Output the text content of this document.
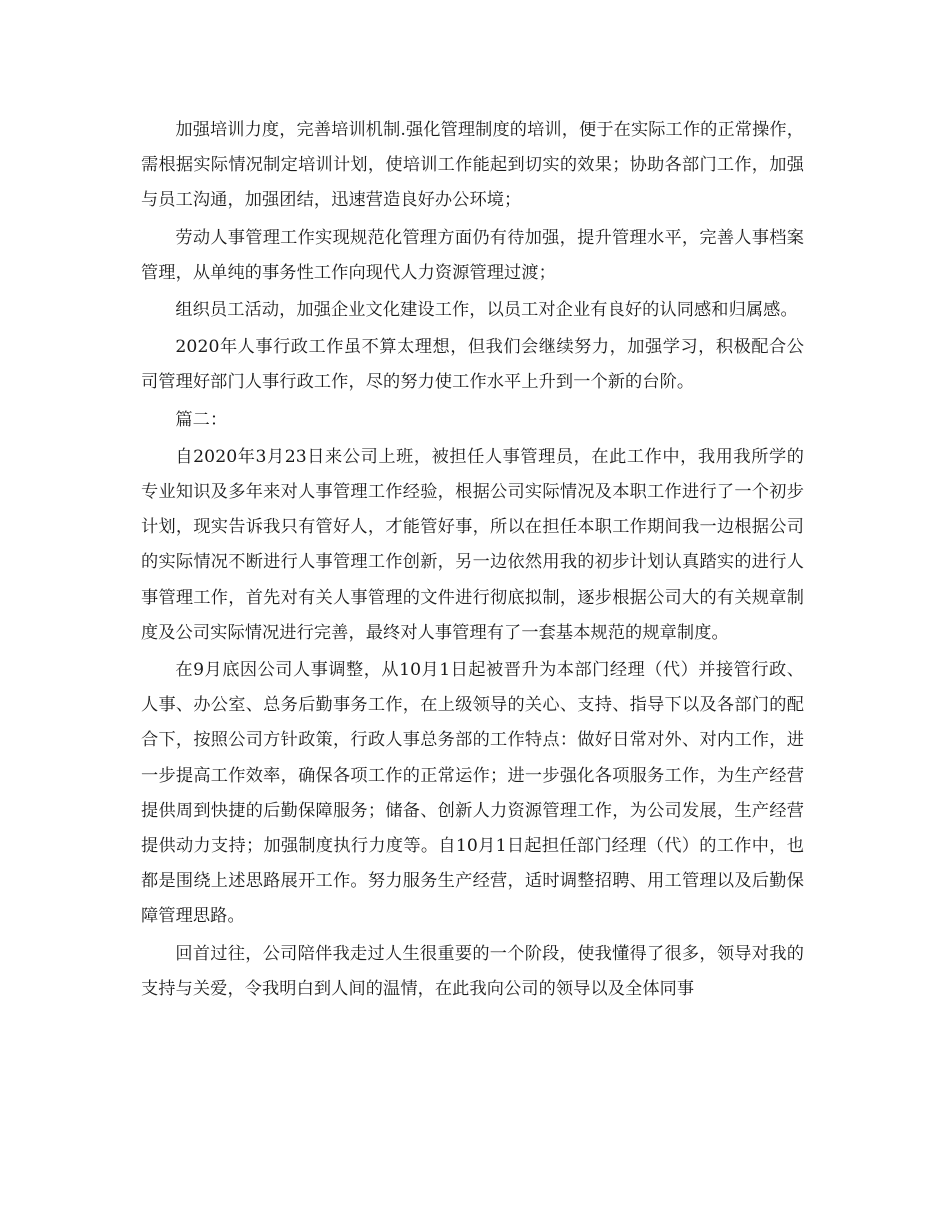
加强培训力度，完善培训机制.强化管理制度的培训，便于在实际工作的正常操作，需根据实际情况制定培训计划，使培训工作能起到切实的效果；协助各部门工作，加强与员工沟通，加强团结，迅速营造良好办公环境；

劳动人事管理工作实现规范化管理方面仍有待加强，提升管理水平，完善人事档案管理，从单纯的事务性工作向现代人力资源管理过渡；

组织员工活动，加强企业文化建设工作，以员工对企业有良好的认同感和归属感。

2020年人事行政工作虽不算太理想，但我们会继续努力，加强学习，积极配合公司管理好部门人事行政工作，尽的努力使工作水平上升到一个新的台阶。

篇二：

自2020年3月23日来公司上班，被担任人事管理员，在此工作中，我用我所学的专业知识及多年来对人事管理工作经验，根据公司实际情况及本职工作进行了一个初步计划，现实告诉我只有管好人，才能管好事，所以在担任本职工作期间我一边根据公司的实际情况不断进行人事管理工作创新，另一边依然用我的初步计划认真踏实的进行人事管理工作，首先对有关人事管理的文件进行彻底拟制，逐步根据公司大的有关规章制度及公司实际情况进行完善，最终对人事管理有了一套基本规范的规章制度。

在9月底因公司人事调整，从10月1日起被晋升为本部门经理（代）并接管行政、人事、办公室、总务后勤事务工作，在上级领导的关心、支持、指导下以及各部门的配合下，按照公司方针政策，行政人事总务部的工作特点：做好日常对外、对内工作，进一步提高工作效率，确保各项工作的正常运作；进一步强化各项服务工作，为生产经营提供周到快捷的后勤保障服务；储备、创新人力资源管理工作，为公司发展，生产经营提供动力支持；加强制度执行力度等。自10月1日起担任部门经理（代）的工作中，也都是围绕上述思路展开工作。努力服务生产经营，适时调整招聘、用工管理以及后勤保障管理思路。

回首过往，公司陪伴我走过人生很重要的一个阶段，使我懂得了很多，领导对我的支持与关爱，令我明白到人间的温情，在此我向公司的领导以及全体同事
